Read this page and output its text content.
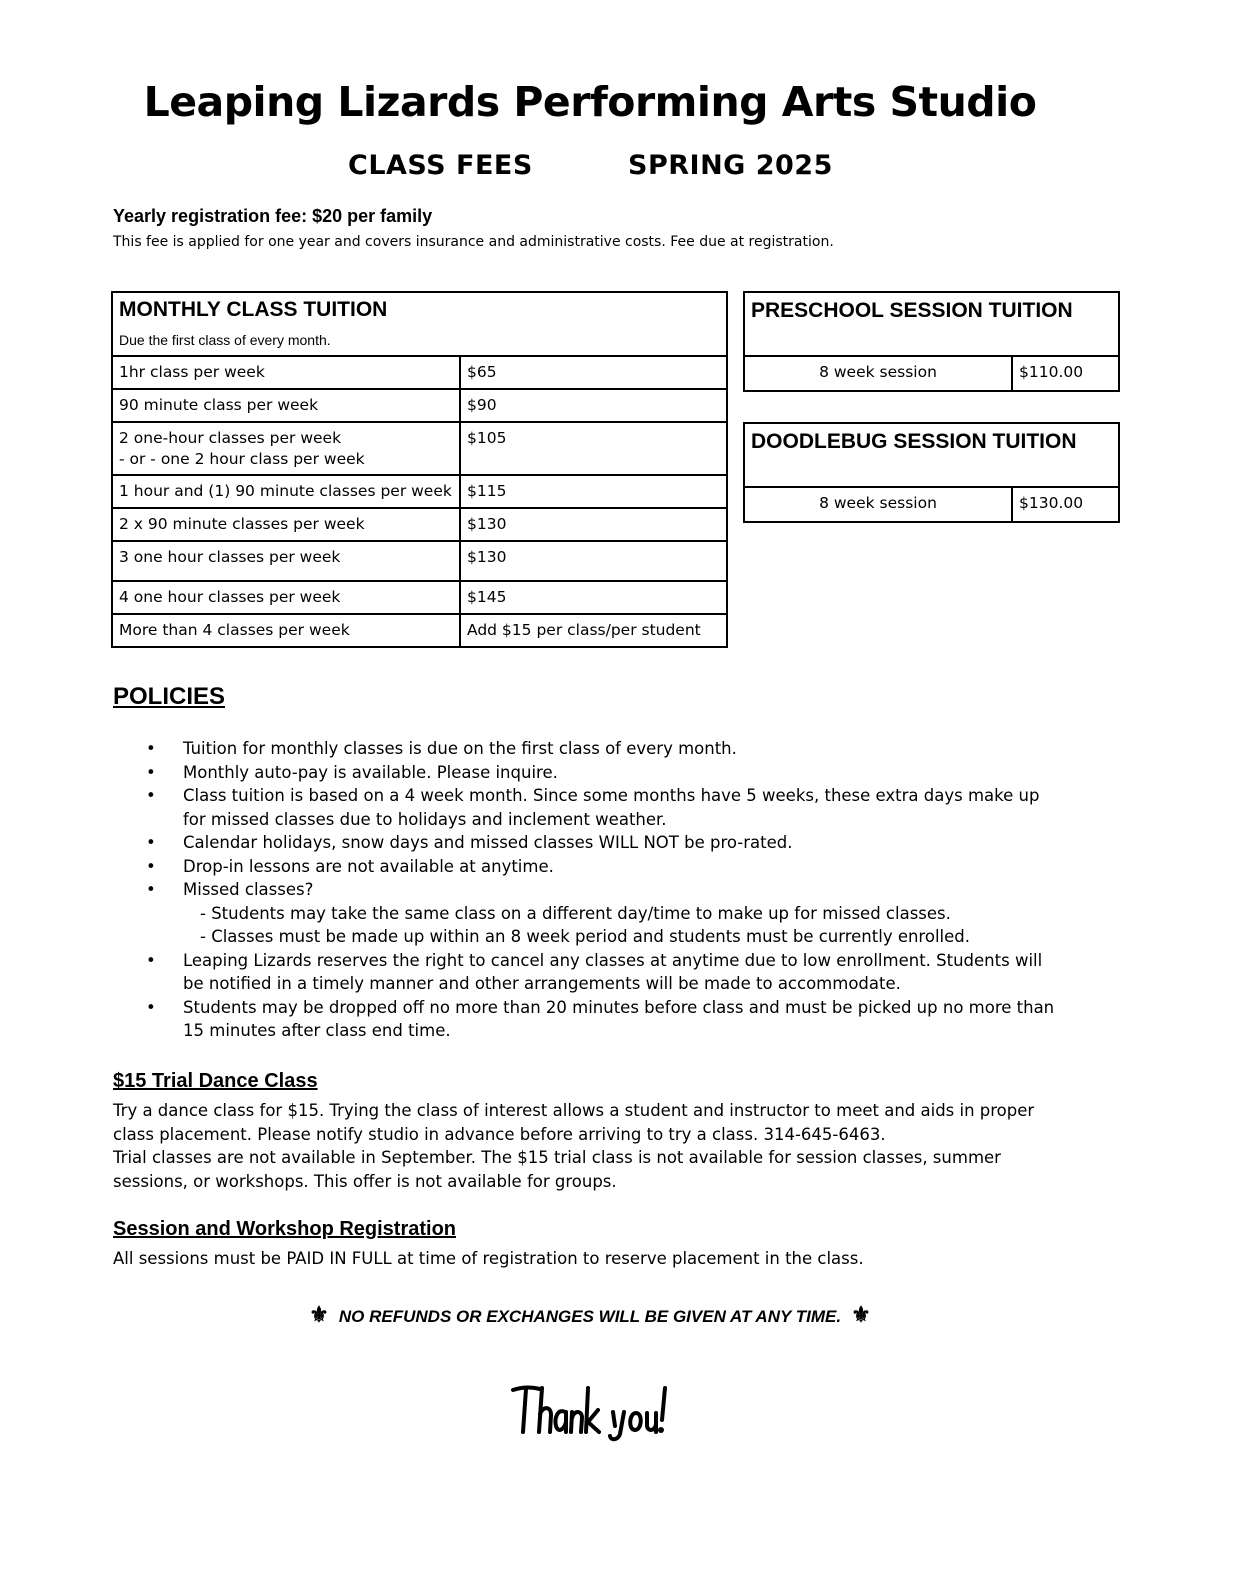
Leaping Lizards Performing Arts Studio
CLASS FEES	SPRING 2025
Yearly registration fee: $20 per family
This fee is applied for one year and covers insurance and administrative costs. Fee due at registration.
MONTHLY CLASS TUITION
Due the first class of every month.	

1hr class per week	$65
90 minute class per week	$90

2 one-hour classes per week
- or - one 2 hour class per week	$105
1 hour and (1) 90 minute classes per week	$115
2 x 90 minute classes per week	$130
3 one hour classes per week	$130
4 one hour classes per week	$145
More than 4 classes per week	Add $15 per class/per student
PRESCHOOL SESSION TUITION
8 week session	$110.00
DOODLEBUG SESSION TUITION
8 week session	$130.00
POLICIES
• Tuition for monthly classes is due on the first class of every month.
• Monthly auto-pay is available. Please inquire.
• Class tuition is based on a 4 week month. Since some months have 5 weeks, these extra days make up for missed classes due to holidays and inclement weather.
• Calendar holidays, snow days and missed classes WILL NOT be pro-rated.
• Drop-in lessons are not available at anytime.
• Missed classes?
- Students may take the same class on a different day/time to make up for missed classes.
- Classes must be made up within an 8 week period and students must be currently enrolled.
• Leaping Lizards reserves the right to cancel any classes at anytime due to low enrollment. Students will be notified in a timely manner and other arrangements will be made to accommodate.
• Students may be dropped off no more than 20 minutes before class and must be picked up no more than 15 minutes after class end time.
$15 Trial Dance Class
Try a dance class for $15. Trying the class of interest allows a student and instructor to meet and aids in proper class placement. Please notify studio in advance before arriving to try a class. 314-645-6463.
Trial classes are not available in September. The $15 trial class is not available for session classes, summer sessions, or workshops. This offer is not available for groups.
Session and Workshop Registration
All sessions must be PAID IN FULL at time of registration to reserve placement in the class.
⚜ NO REFUNDS OR EXCHANGES WILL BE GIVEN AT ANY TIME. ⚜
